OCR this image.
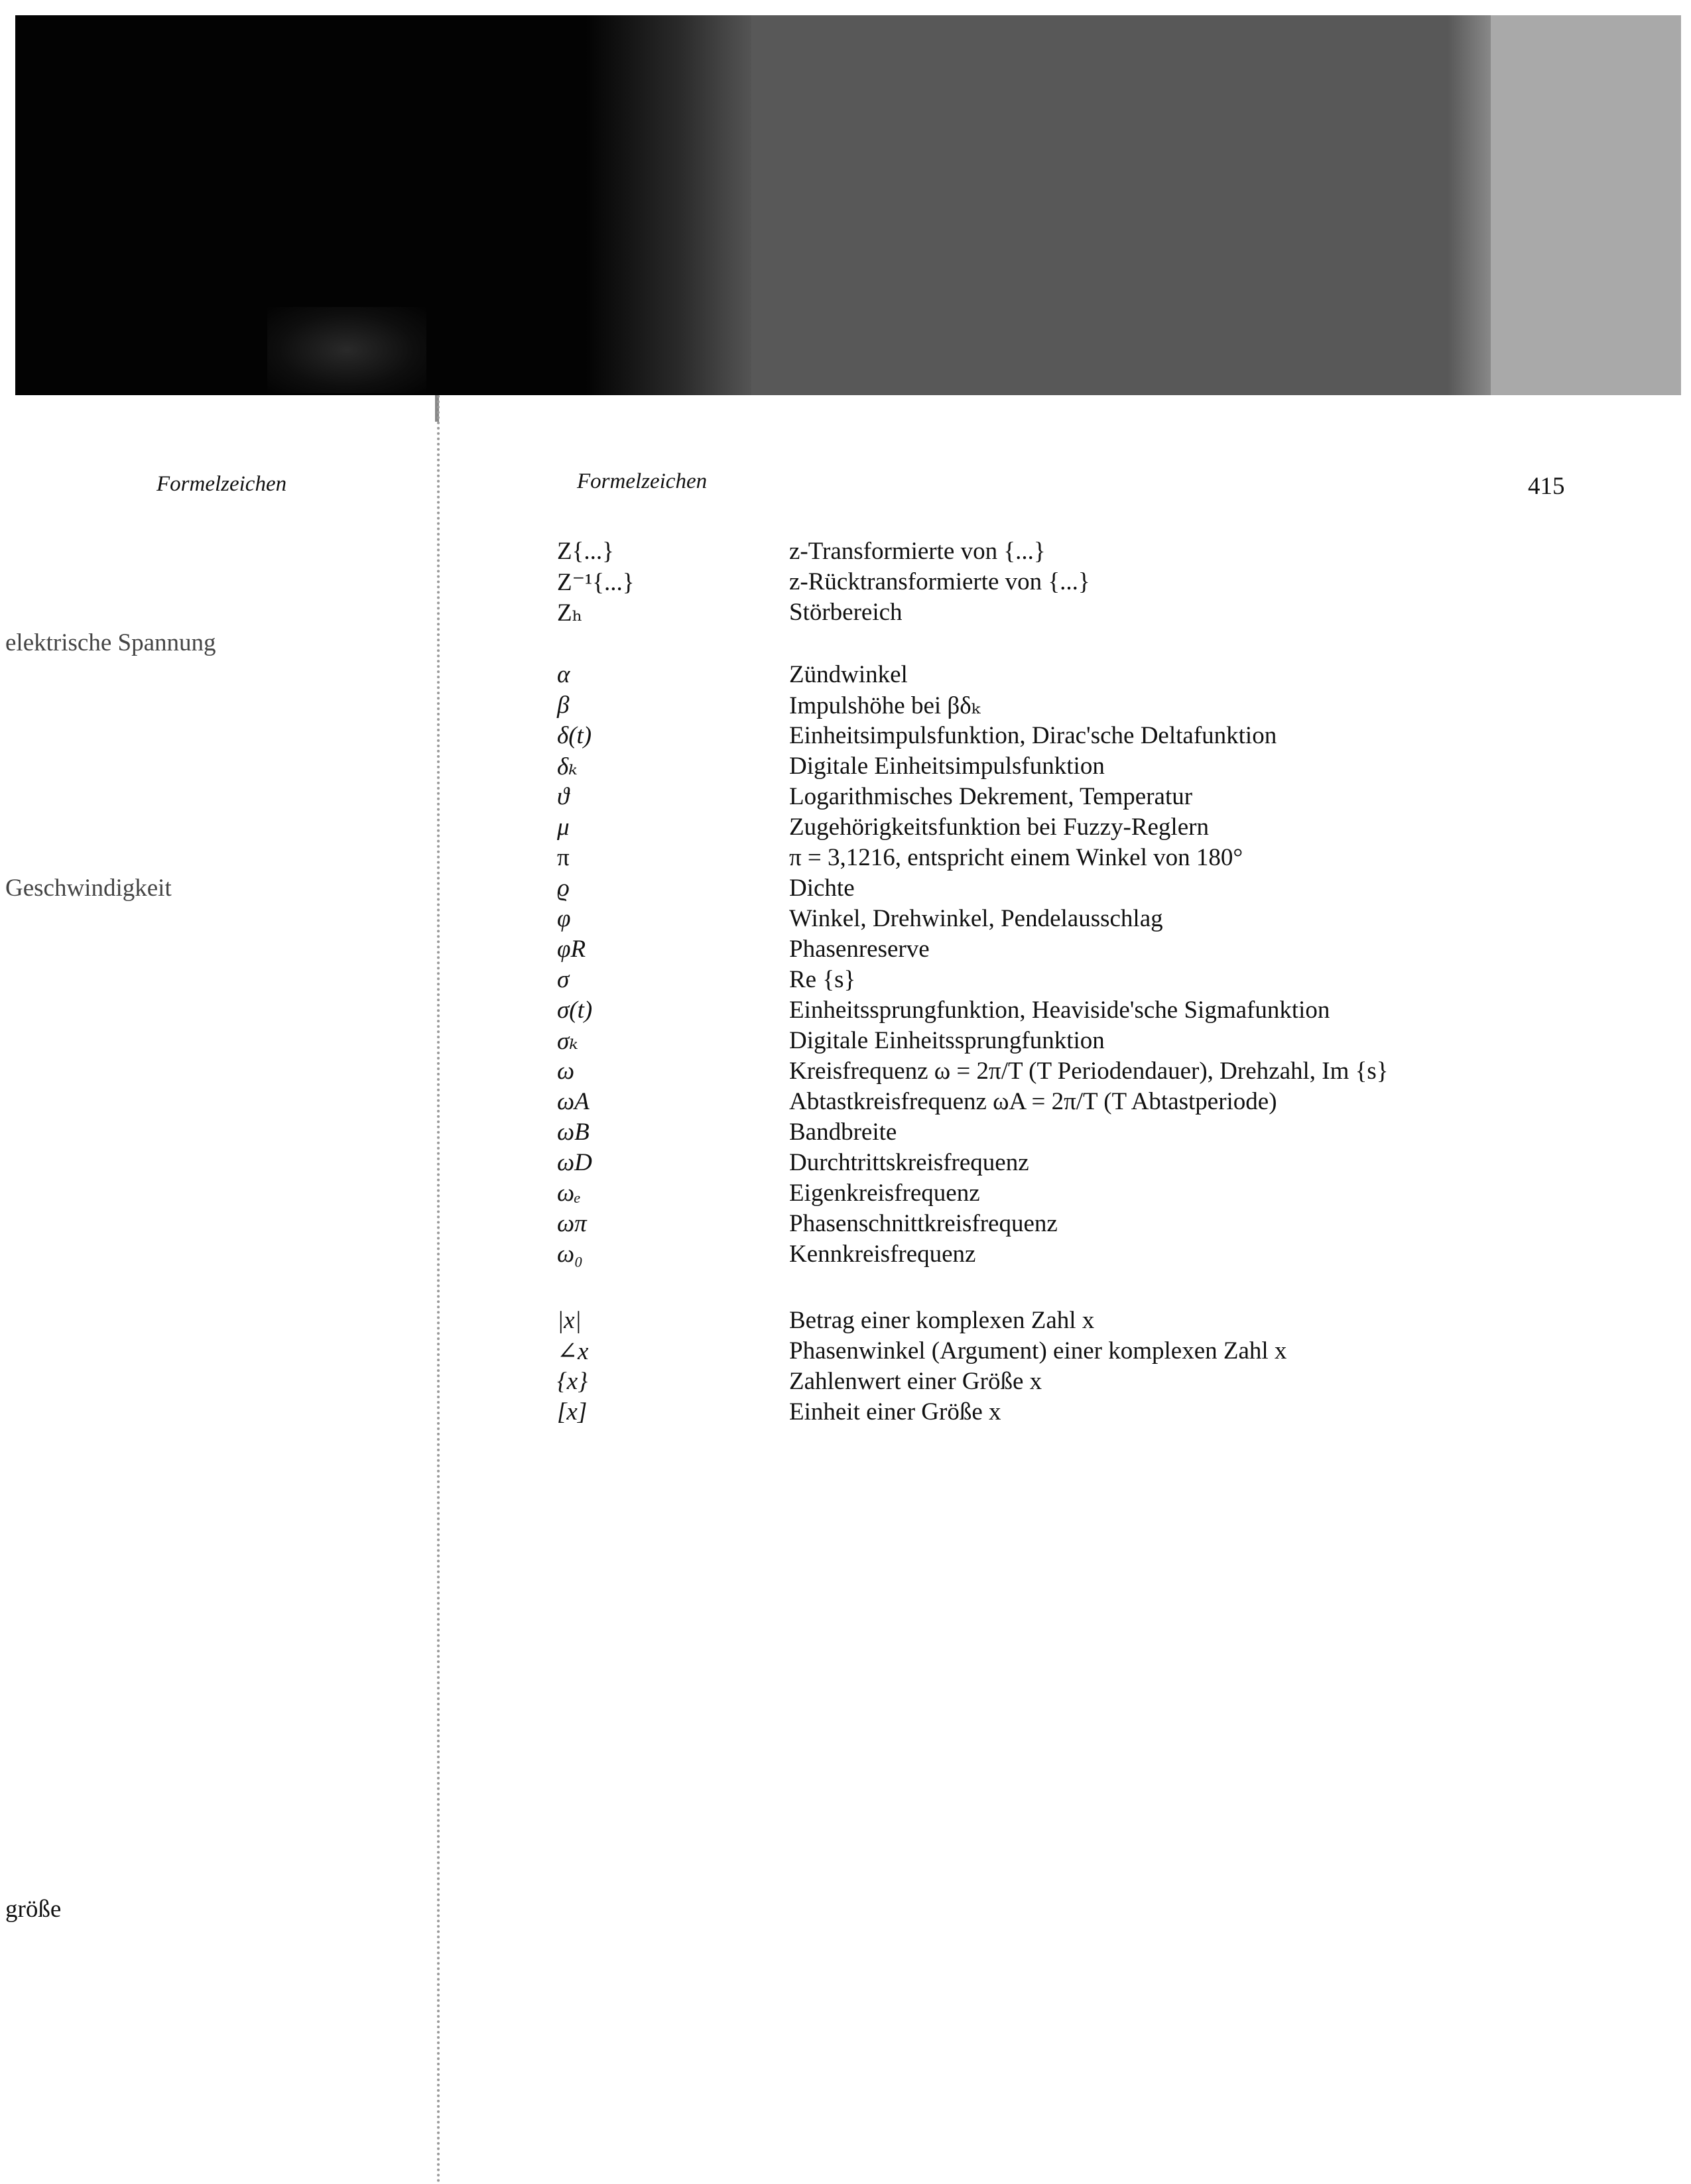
Formelzeichen
elektrische Spannung
Geschwindigkeit
größe
Formelzeichen	415
Z{...}	z-Transformierte von {...}
Z⁻¹{...}	z-Rücktransformierte von {...}
Zₕ	Störbereich
α	Zündwinkel
β	Impulshöhe bei βδₖ
δ(t)	Einheitsimpulsfunktion, Dirac'sche Deltafunktion
δₖ	Digitale Einheitsimpulsfunktion
ϑ	Logarithmisches Dekrement, Temperatur
μ	Zugehörigkeitsfunktion bei Fuzzy-Reglern
π	π = 3,1216, entspricht einem Winkel von 180°
ϱ	Dichte
φ	Winkel, Drehwinkel, Pendelausschlag
φR	Phasenreserve
σ	Re {s}
σ(t)	Einheitssprungfunktion, Heaviside'sche Sigmafunktion
σₖ	Digitale Einheitssprungfunktion
ω	Kreisfrequenz ω = 2π/T (T Periodendauer), Drehzahl, Im {s}
ωA	Abtastkreisfrequenz ωA = 2π/T (T Abtastperiode)
ωB	Bandbreite
ωD	Durchtrittskreisfrequenz
ωₑ	Eigenkreisfrequenz
ωπ	Phasenschnittkreisfrequenz
ω₀	Kennkreisfrequenz
|x|	Betrag einer komplexen Zahl x
∠x	Phasenwinkel (Argument) einer komplexen Zahl x
{x}	Zahlenwert einer Größe x
[x]	Einheit einer Größe x
